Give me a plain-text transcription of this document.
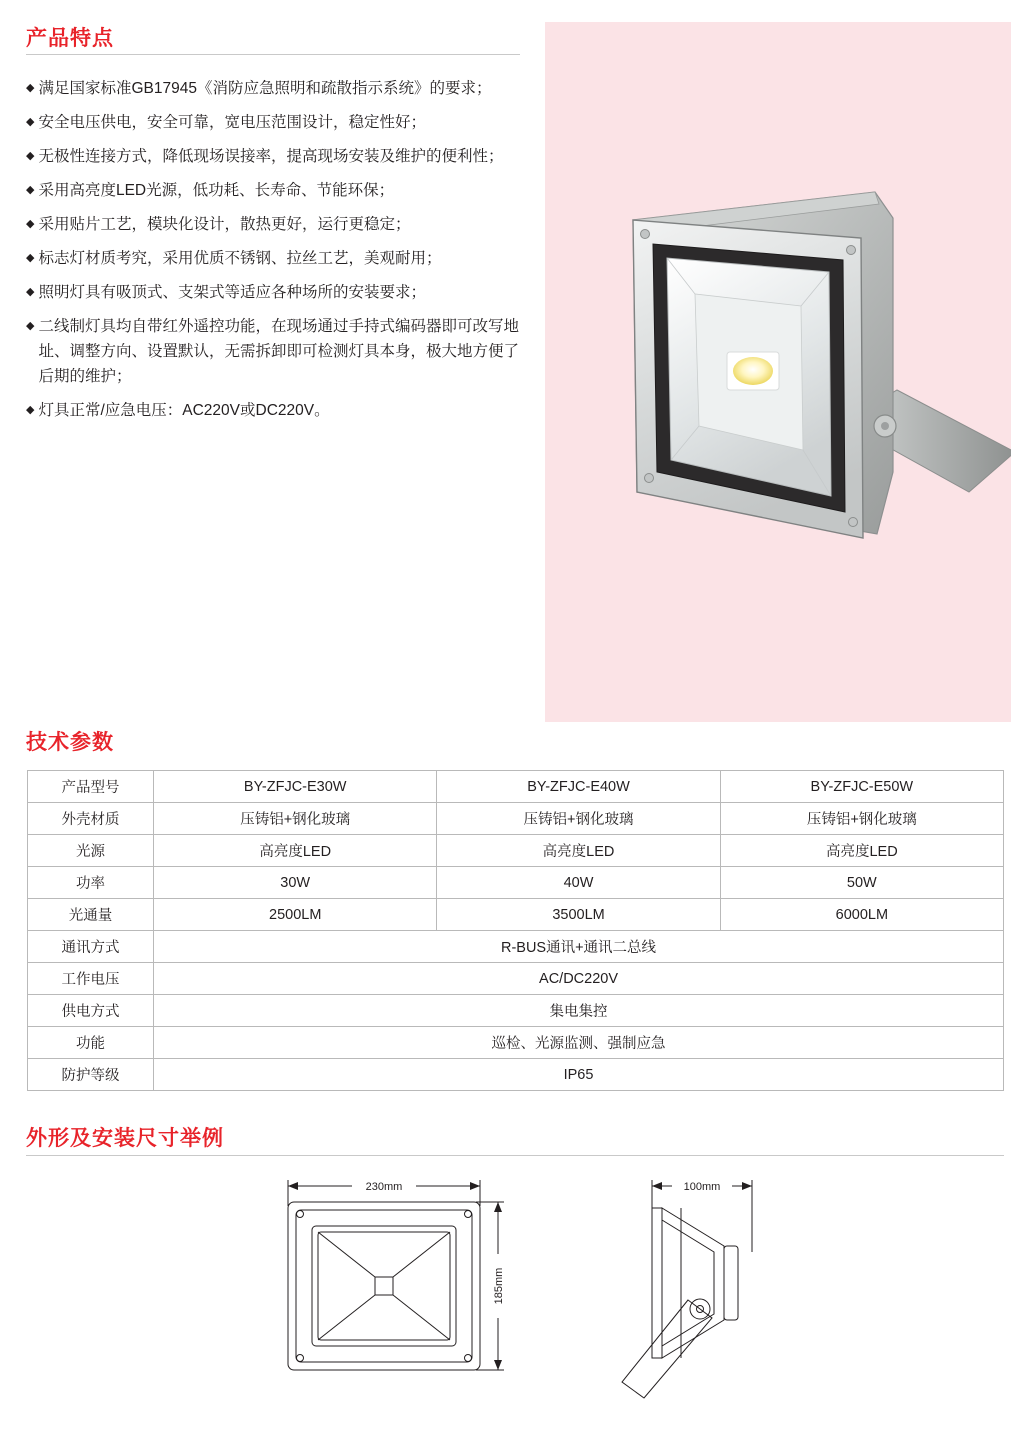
产品特点
◆ 满足国家标准GB17945《消防应急照明和疏散指示系统》的要求；
◆ 安全电压供电，安全可靠，宽电压范围设计，稳定性好；
◆ 无极性连接方式，降低现场误接率，提高现场安装及维护的便利性；
◆ 采用高亮度LED光源，低功耗、长寿命、节能环保；
◆ 采用贴片工艺，模块化设计，散热更好，运行更稳定；
◆ 标志灯材质考究，采用优质不锈钢、拉丝工艺，美观耐用；
◆ 照明灯具有吸顶式、支架式等适应各种场所的安装要求；
◆ 二线制灯具均自带红外遥控功能，在现场通过手持式编码器即可改写地址、调整方向、设置默认，无需拆卸即可检测灯具本身，极大地方便了后期的维护；
◆ 灯具正常/应急电压：AC220V或DC220V。
技术参数
产品型号	BY-ZFJC-E30W	BY-ZFJC-E40W	BY-ZFJC-E50W
外壳材质	压铸铝+钢化玻璃	压铸铝+钢化玻璃	压铸铝+钢化玻璃
光源	高亮度LED	高亮度LED	高亮度LED
功率	30W	40W	50W
光通量	2500LM	3500LM	6000LM
通讯方式	R-BUS通讯+通讯二总线		
工作电压	AC/DC220V		
供电方式	集电集控		
功能	巡检、光源监测、强制应急		
防护等级	IP65		
外形及安装尺寸举例
230mm
185mm
100mm
